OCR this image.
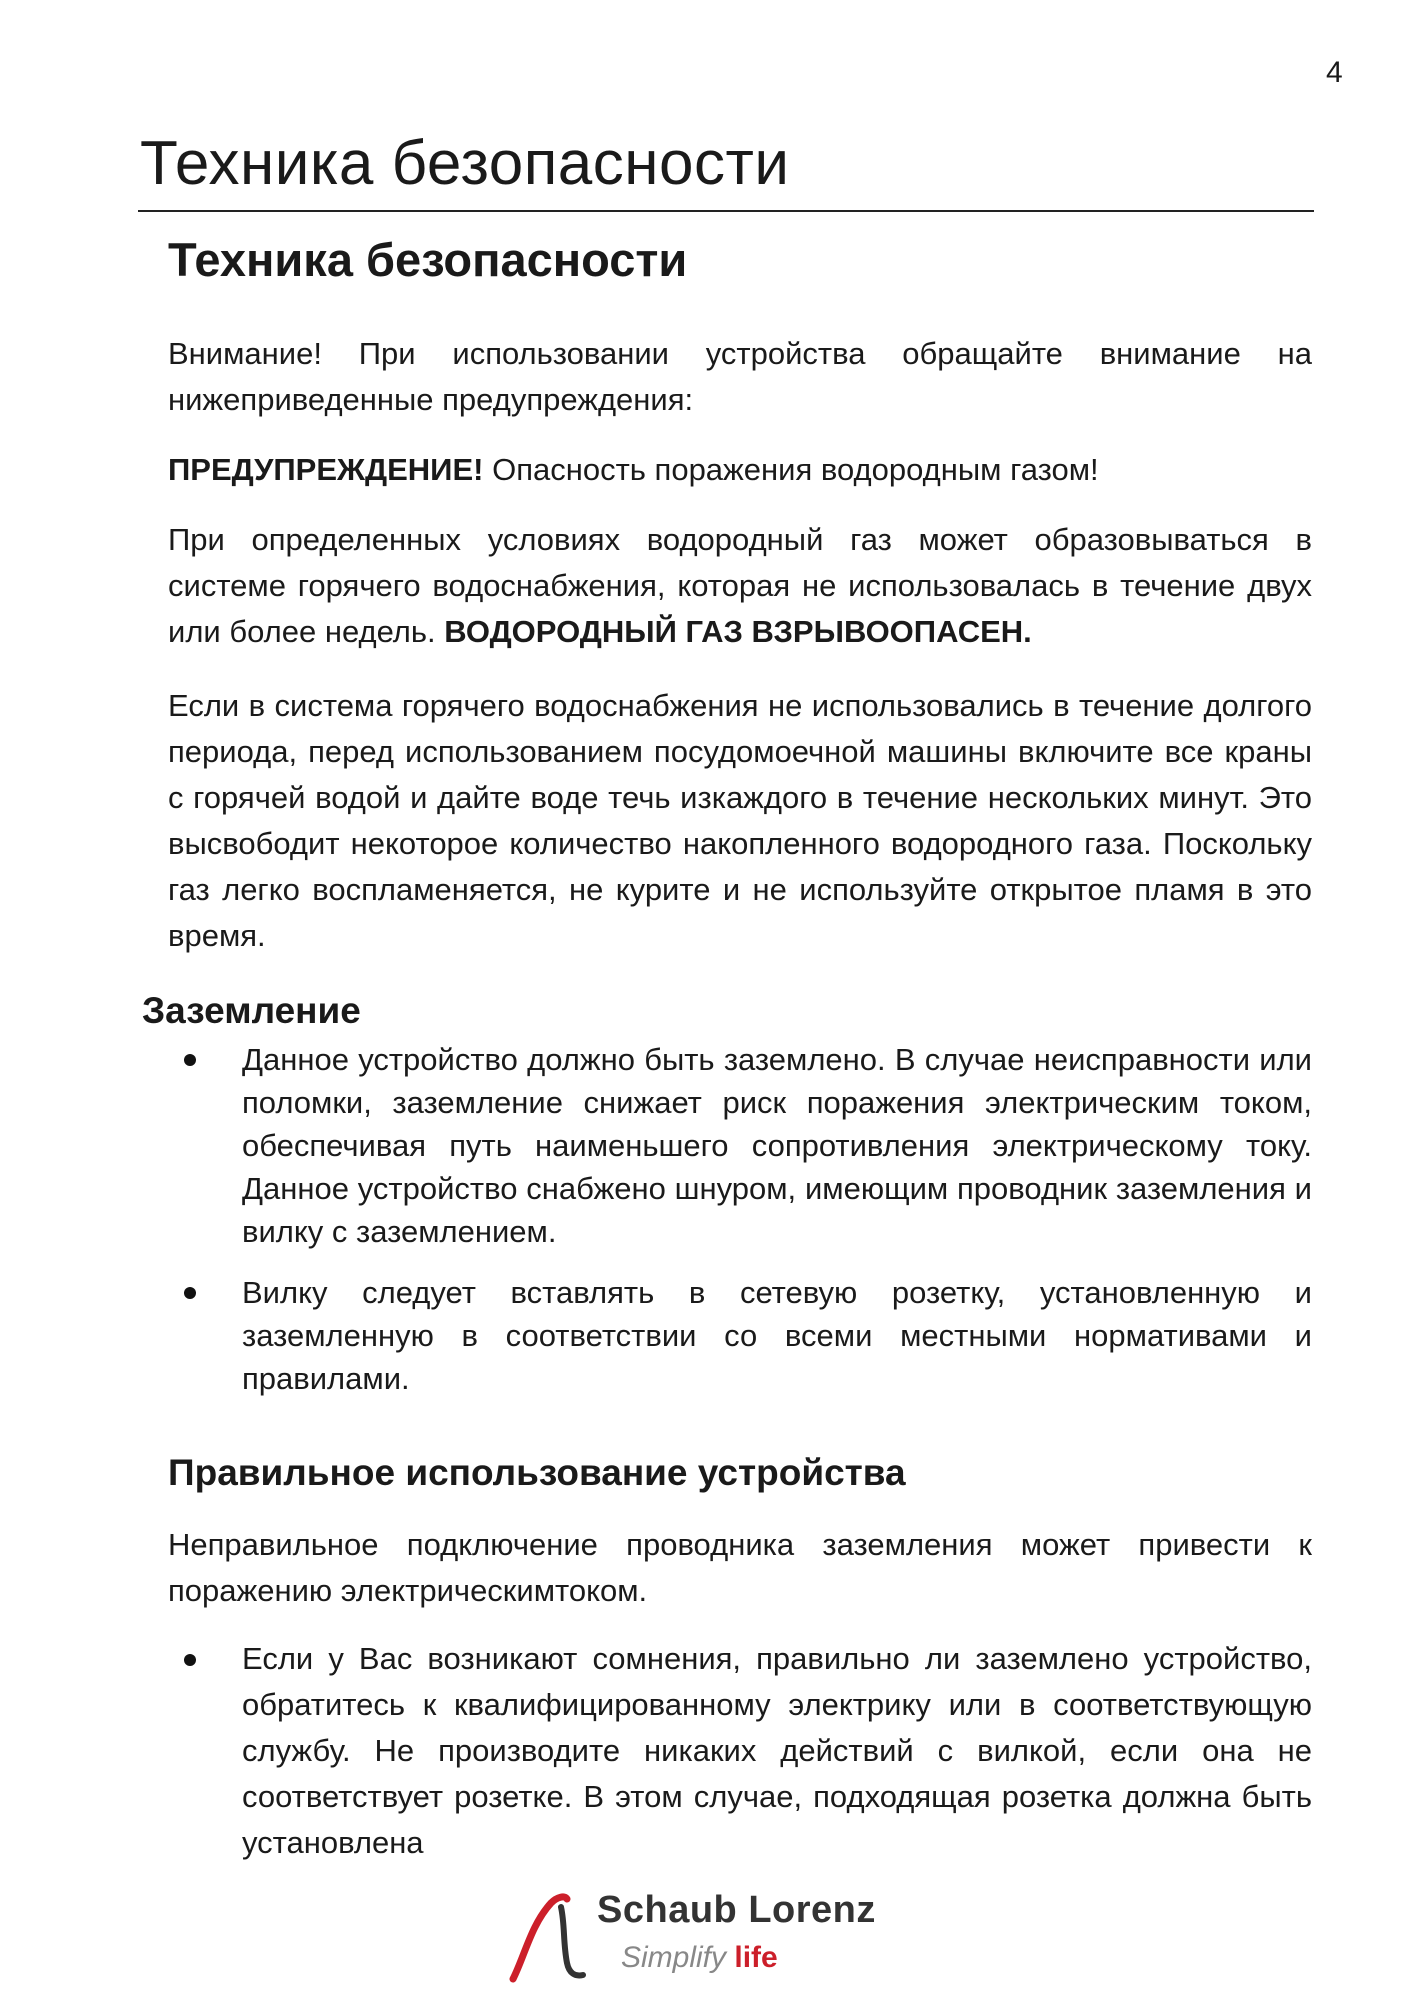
4
Техника безопасности
Техника безопасности

Внимание! При использовании устройства обращайте внимание на нижеприведенные предупреждения:

ПРЕДУПРЕЖДЕНИЕ! Опасность поражения водородным газом!

При определенных условиях водородный газ может образовываться в системе горячего водоснабжения, которая не использовалась в течение двух или более недель. ВОДОРОДНЫЙ ГАЗ ВЗРЫВООПАСЕН.

Если в система горячего водоснабжения не использовались в течение долгого периода, перед использованием посудомоечной машины включите все краны с горячей водой и дайте воде течь изкаждого в течение нескольких минут. Это высвободит некоторое количество накопленного водородного газа. Поскольку газ легко воспламеняется, не курите и не используйте открытое пламя в это время.

Заземление
Данное устройство должно быть заземлено. В случае неисправности или поломки, заземление снижает риск поражения электрическим током, обеспечивая путь наименьшего сопротивления электрическому току. Данное устройство снабжено шнуром, имеющим проводник заземления и вилку с заземлением.
Вилку следует вставлять в сетевую розетку, установленную и заземленную в соответствии со всеми местными нормативами и правилами.
Правильное использование устройства

Неправильное подключение проводника заземления может привести к поражению электрическимтоком.

Если у Вас возникают сомнения, правильно ли заземлено устройство, обратитесь к квалифицированному электрику или в соответствующую службу. Не производите никаких действий с вилкой, если она не соответствует розетке. В этом случае, подходящая розетка должна быть установлена
Schaub Lorenz
Simplify life
